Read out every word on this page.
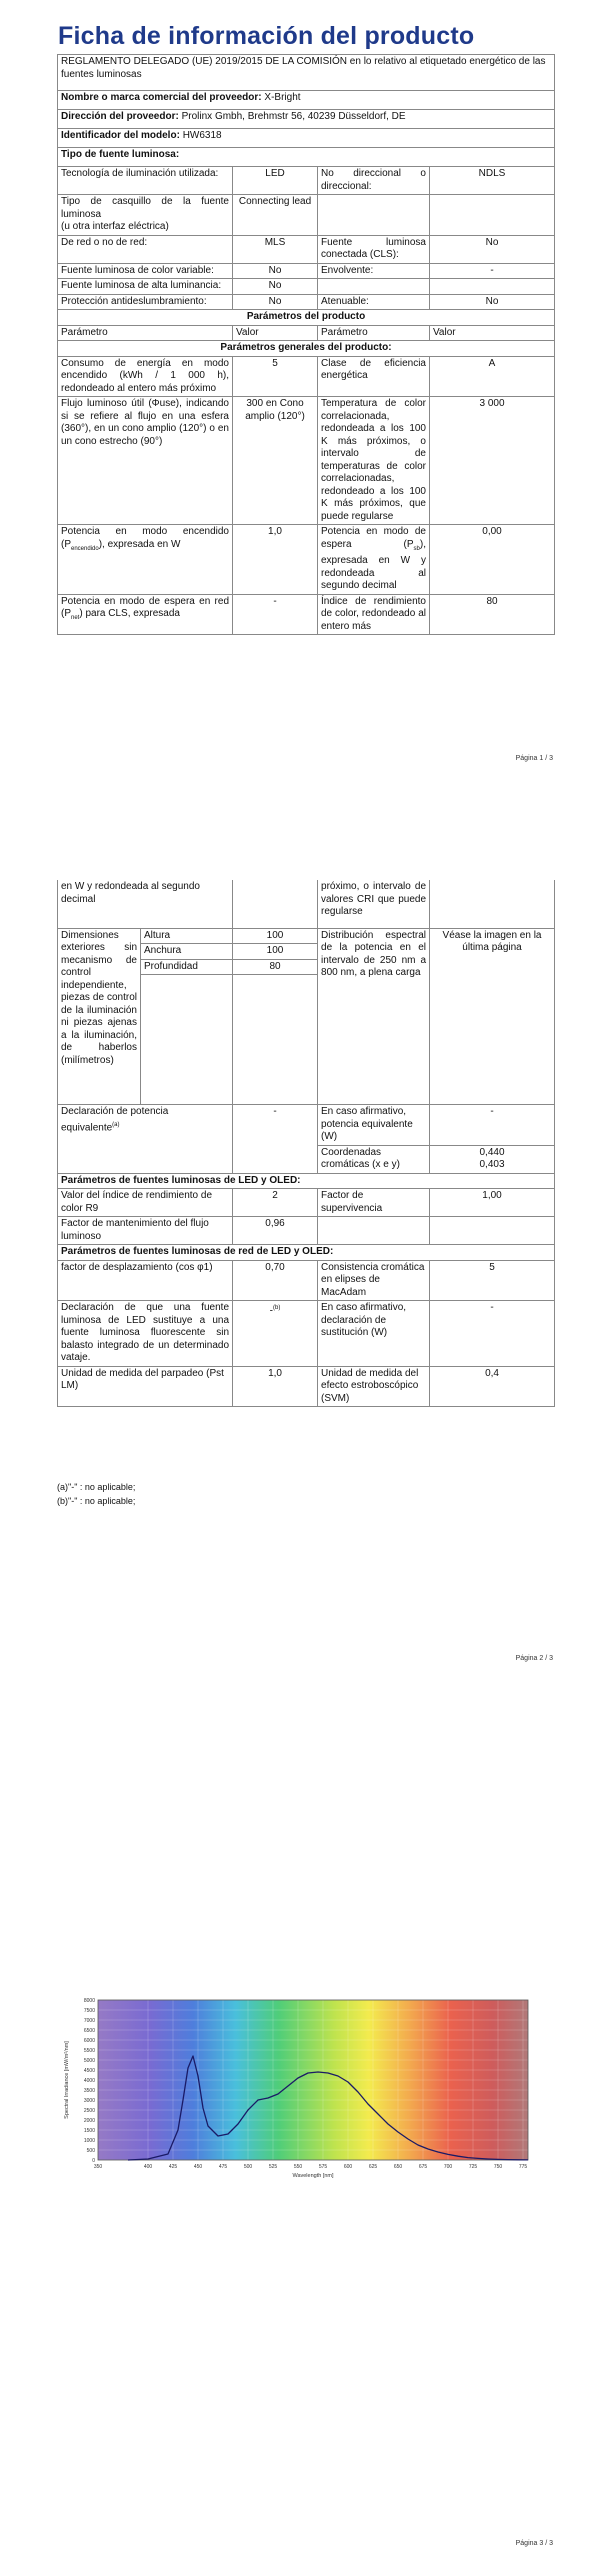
Ficha de información del producto
REGLAMENTO DELEGADO (UE) 2019/2015 DE LA COMISIÓN en lo relativo al etiquetado energético de las fuentes luminosas			
Nombre o marca comercial del proveedor: X-Bright			
Dirección del proveedor: Prolinx Gmbh, Brehmstr 56, 40239 Düsseldorf, DE			
Identificador del modelo: HW6318			
Tipo de fuente luminosa:			
Tecnología de iluminación utilizada:	LED	No direccional o direccional:	NDLS
Tipo de casquillo de la fuente luminosa
(u otra interfaz eléctrica)	Connecting lead		
De red o no de red:	MLS	Fuente luminosa conectada (CLS):	No
Fuente luminosa de color variable:	No	Envolvente:	-
Fuente luminosa de alta luminancia:	No		
Protección antideslumbramiento:	No	Atenuable:	No
Parámetros del producto			
Parámetro	Valor	Parámetro	Valor
Parámetros generales del producto:			
Consumo de energía en modo encendido (kWh / 1 000 h), redondeado al entero más próximo	5	Clase de eficiencia energética	A
Flujo luminoso útil (Φuse), indicando si se refiere al flujo en una esfera (360°), en un cono amplio (120°) o en un cono estrecho (90°)	300 en Cono amplio (120°)	Temperatura de color correlacionada, redondeada a los 100 K más próximos, o intervalo de temperaturas de color correlacionadas, redondeado a los 100 K más próximos, que puede regularse	3 000
Potencia en modo encendido $(P_{encendido})$, expresada en W	1,0	Potencia en modo de espera $(P_{sb})$, expresada en W y redondeada al segundo decimal	0,00
Potencia en modo de espera en red $(P_{net})$ para CLS, expresada	-	Índice de rendimiento de color, redondeado al entero más	80
Página 1 / 3
en W y redondeada al segundo decimal			próximo, o intervalo de valores CRI que puede regularse	
Dimensiones exteriores sin mecanismo de control independiente, piezas de control de la iluminación ni piezas ajenas a la iluminación, de haberlos (milímetros)	Altura	100	Distribución espectral de la potencia en el intervalo de 250 nm a 800 nm, a plena carga	Véase la imagen en la última página
	Anchura	100		
	Profundidad	80		

Declaración de potencia equivalente$^{(a)}$		-	En caso afirmativo, potencia equivalente (W)	-
			Coordenadas cromáticas (x e y)	0,440
0,403
Parámetros de fuentes luminosas de LED y OLED:				
Valor del índice de rendimiento de color R9		2	Factor de supervivencia	1,00
Factor de mantenimiento del flujo luminoso		0,96		
Parámetros de fuentes luminosas de red de LED y OLED:				
factor de desplazamiento (cos φ1)		0,70	Consistencia cromática en elipses de MacAdam	5
Declaración de que una fuente luminosa de LED sustituye a una fuente luminosa fluorescente sin balasto integrado de un determinado vataje.		-$^{(b)}$	En caso afirmativo, declaración de sustitución (W)	-
Unidad de medida del parpadeo (Pst LM)		1,0	Unidad de medida del efecto estroboscópico (SVM)	0,4
(a)"-" : no aplicable;
(b)"-" : no aplicable;
Página 2 / 3
0
500
1000
1500
2000
2500
3000
3500
4000
4500
5000
5500
6000
6500
7000
7500
8000
350	400	425	450	475	500	525	550	575	600	625	650	675	700	725	750	775
Wavelength [nm]
Spectral Irradiance [mW/m²/nm]
Página 3 / 3
